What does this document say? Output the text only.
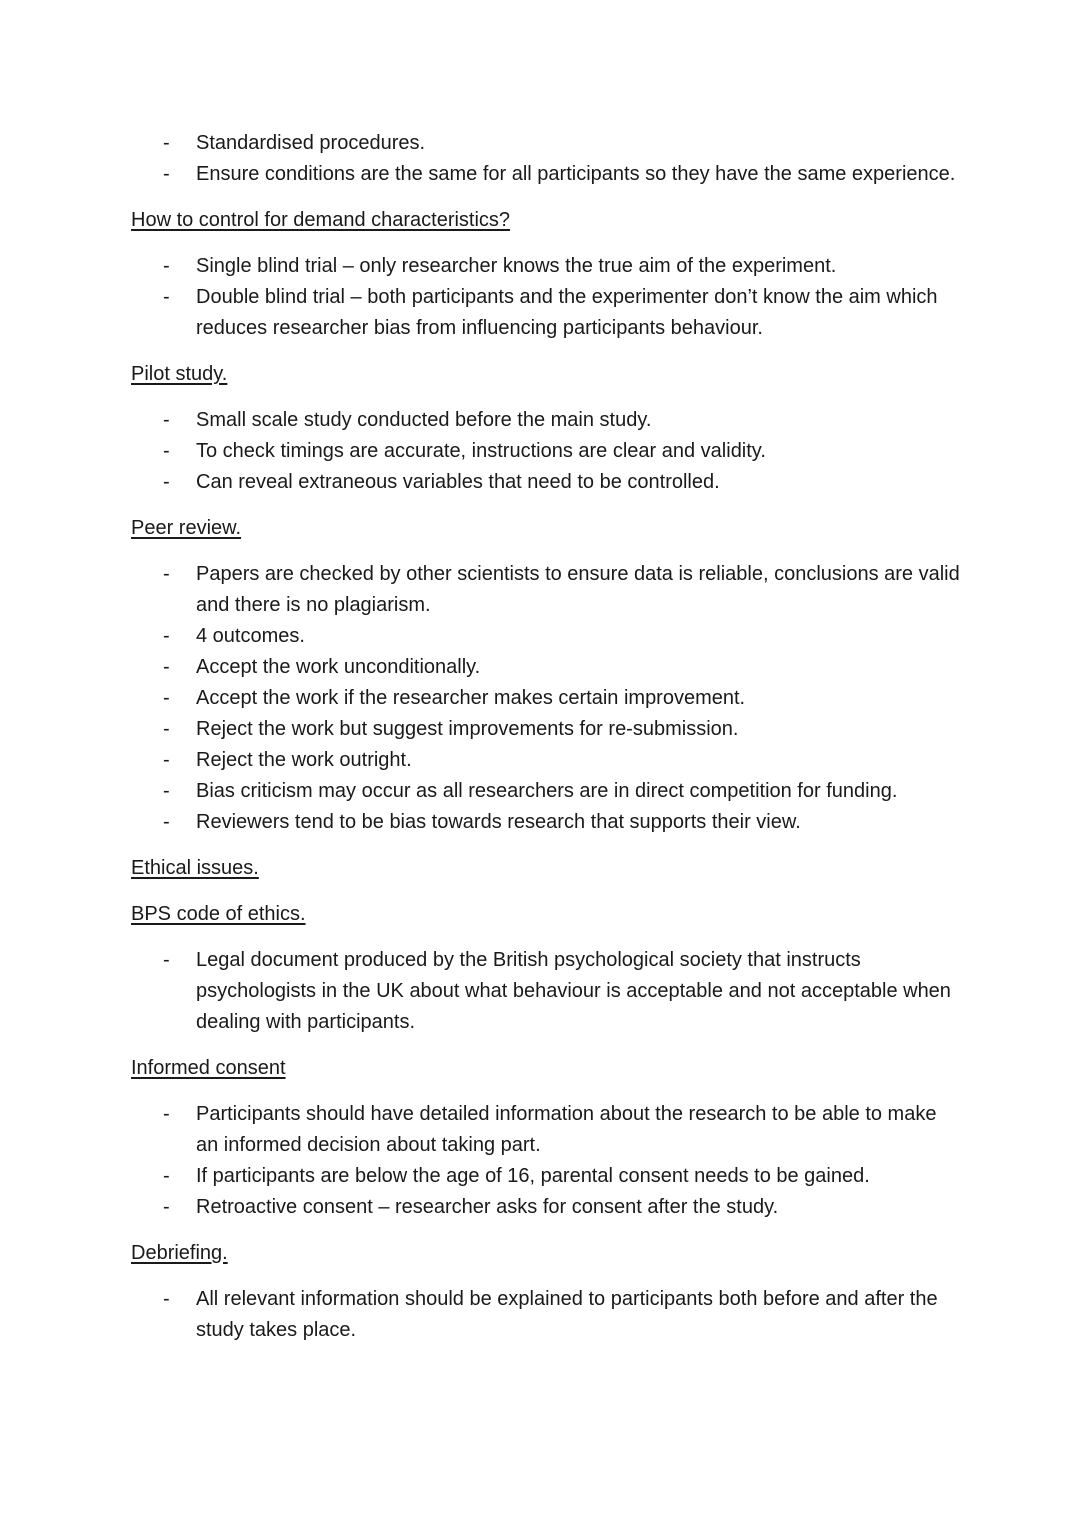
- Standardised procedures.
- Ensure conditions are the same for all participants so they have the same experience.
How to control for demand characteristics?
- Single blind trial – only researcher knows the true aim of the experiment.
- Double blind trial – both participants and the experimenter don’t know the aim which reduces researcher bias from influencing participants behaviour.
Pilot study.
- Small scale study conducted before the main study.
- To check timings are accurate, instructions are clear and validity.
- Can reveal extraneous variables that need to be controlled.
Peer review.
- Papers are checked by other scientists to ensure data is reliable, conclusions are valid and there is no plagiarism.
- 4 outcomes.
- Accept the work unconditionally.
- Accept the work if the researcher makes certain improvement.
- Reject the work but suggest improvements for re-submission.
- Reject the work outright.
- Bias criticism may occur as all researchers are in direct competition for funding.
- Reviewers tend to be bias towards research that supports their view.
Ethical issues.
BPS code of ethics.
- Legal document produced by the British psychological society that instructs psychologists in the UK about what behaviour is acceptable and not acceptable when dealing with participants.
Informed consent
- Participants should have detailed information about the research to be able to make an informed decision about taking part.
- If participants are below the age of 16, parental consent needs to be gained.
- Retroactive consent – researcher asks for consent after the study.
Debriefing.
- All relevant information should be explained to participants both before and after the study takes place.
